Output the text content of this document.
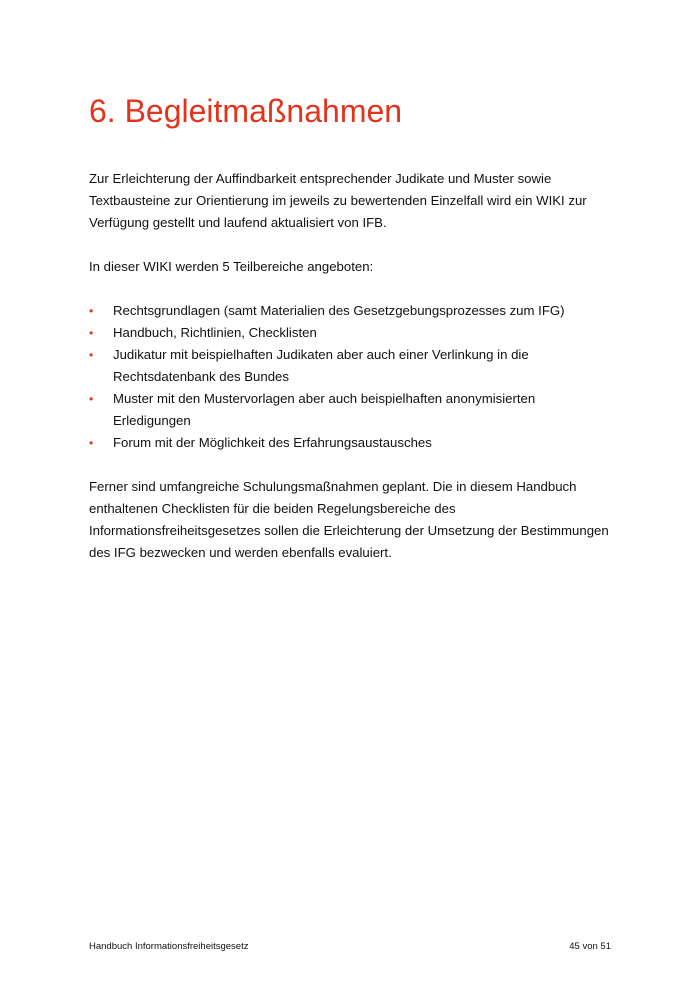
6. Begleitmaßnahmen

Zur Erleichterung der Auffindbarkeit entsprechender Judikate und Muster sowie Textbausteine zur Orientierung im jeweils zu bewertenden Einzelfall wird ein WIKI zur Verfügung gestellt und laufend aktualisiert von IFB.

In dieser WIKI werden 5 Teilbereiche angeboten:

• Rechtsgrundlagen (samt Materialien des Gesetzgebungsprozesses zum IFG)
• Handbuch, Richtlinien, Checklisten
• Judikatur mit beispielhaften Judikaten aber auch einer Verlinkung in die Rechtsdatenbank des Bundes
• Muster mit den Mustervorlagen aber auch beispielhaften anonymisierten Erledigungen
• Forum mit der Möglichkeit des Erfahrungsaustausches

Ferner sind umfangreiche Schulungsmaßnahmen geplant. Die in diesem Handbuch enthaltenen Checklisten für die beiden Regelungsbereiche des Informationsfreiheitsgesetzes sollen die Erleichterung der Umsetzung der Bestimmungen des IFG bezwecken und werden ebenfalls evaluiert.

Handbuch Informationsfreiheitsgesetz	45 von 51
